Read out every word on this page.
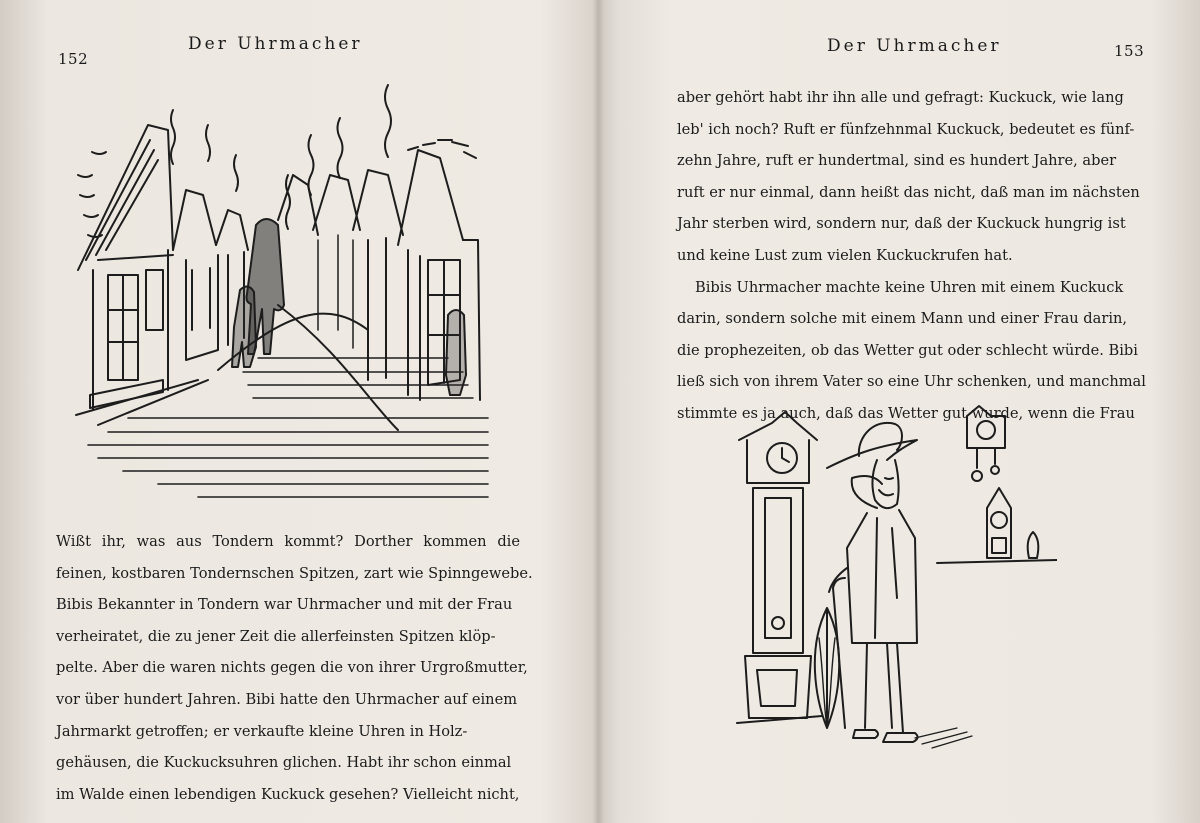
152
Der Uhrmacher
Wißt ihr, was aus Tondern kommt? Dorther kommen die
feinen, kostbaren Tondernschen Spitzen, zart wie Spinngewebe.
Bibis Bekannter in Tondern war Uhrmacher und mit der Frau
verheiratet, die zu jener Zeit die allerfeinsten Spitzen klöp-
pelte. Aber die waren nichts gegen die von ihrer Urgroßmutter,
vor über hundert Jahren. Bibi hatte den Uhrmacher auf einem
Jahrmarkt getroffen; er verkaufte kleine Uhren in Holz-
gehäusen, die Kuckucksuhren glichen. Habt ihr schon einmal
im Walde einen lebendigen Kuckuck gesehen? Vielleicht nicht,
Der Uhrmacher	153
aber gehört habt ihr ihn alle und gefragt: Kuckuck, wie lang
leb' ich noch? Ruft er fünfzehnmal Kuckuck, bedeutet es fünf-
zehn Jahre, ruft er hundertmal, sind es hundert Jahre, aber
ruft er nur einmal, dann heißt das nicht, daß man im nächsten
Jahr sterben wird, sondern nur, daß der Kuckuck hungrig ist
und keine Lust zum vielen Kuckuckrufen hat.
Bibis Uhrmacher machte keine Uhren mit einem Kuckuck
darin, sondern solche mit einem Mann und einer Frau darin,
die prophezeiten, ob das Wetter gut oder schlecht würde. Bibi
ließ sich von ihrem Vater so eine Uhr schenken, und manchmal
stimmte es ja auch, daß das Wetter gut wurde, wenn die Frau
